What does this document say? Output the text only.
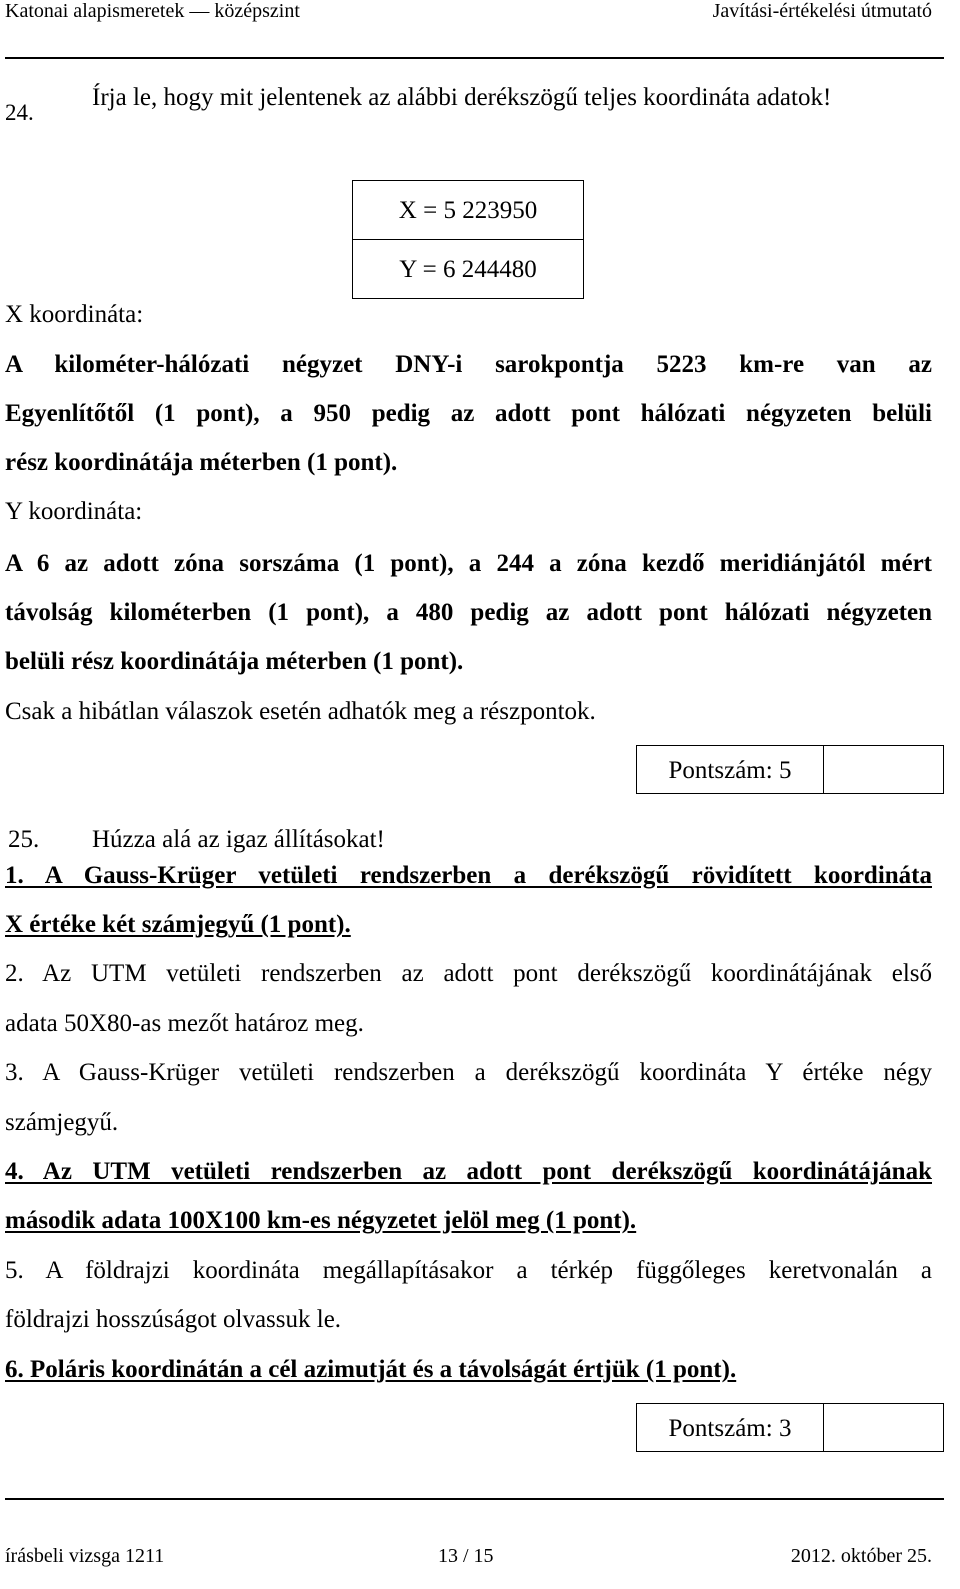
Katonai alapismeretek — középszint	Javítási-értékelési útmutató
24.
Írja le, hogy mit jelentenek az alábbi derékszögű teljes koordináta adatok!
X = 5 223950
Y = 6 244480
X koordináta:
A kilométer-hálózati négyzet DNY-i sarokpontja 5223 km-re van az
Egyenlítőtől (1 pont), a 950 pedig az adott pont hálózati négyzeten belüli
rész koordinátája méterben (1 pont).
Y koordináta:
A 6 az adott zóna sorszáma (1 pont), a 244 a zóna kezdő meridiánjától mért
távolság kilométerben (1 pont), a 480 pedig az adott pont hálózati négyzeten
belüli rész koordinátája méterben (1 pont).
Csak a hibátlan válaszok esetén adhatók meg a részpontok.
Pontszám: 5
25. Húzza alá az igaz állításokat!
1. A Gauss-Krüger vetületi rendszerben a derékszögű rövidített koordináta
X értéke két számjegyű (1 pont).
2. Az UTM vetületi rendszerben az adott pont derékszögű koordinátájának első
adata 50X80-as mezőt határoz meg.
3. A Gauss-Krüger vetületi rendszerben a derékszögű koordináta Y értéke négy
számjegyű.
4. Az UTM vetületi rendszerben az adott pont derékszögű koordinátájának
második adata 100X100 km-es négyzetet jelöl meg (1 pont).
5. A földrajzi koordináta megállapításakor a térkép függőleges keretvonalán a
földrajzi hosszúságot olvassuk le.
6. Poláris koordinátán a cél azimutját és a távolságát értjük (1 pont).
Pontszám: 3
írásbeli vizsga 1211	13 / 15	2012. október 25.
